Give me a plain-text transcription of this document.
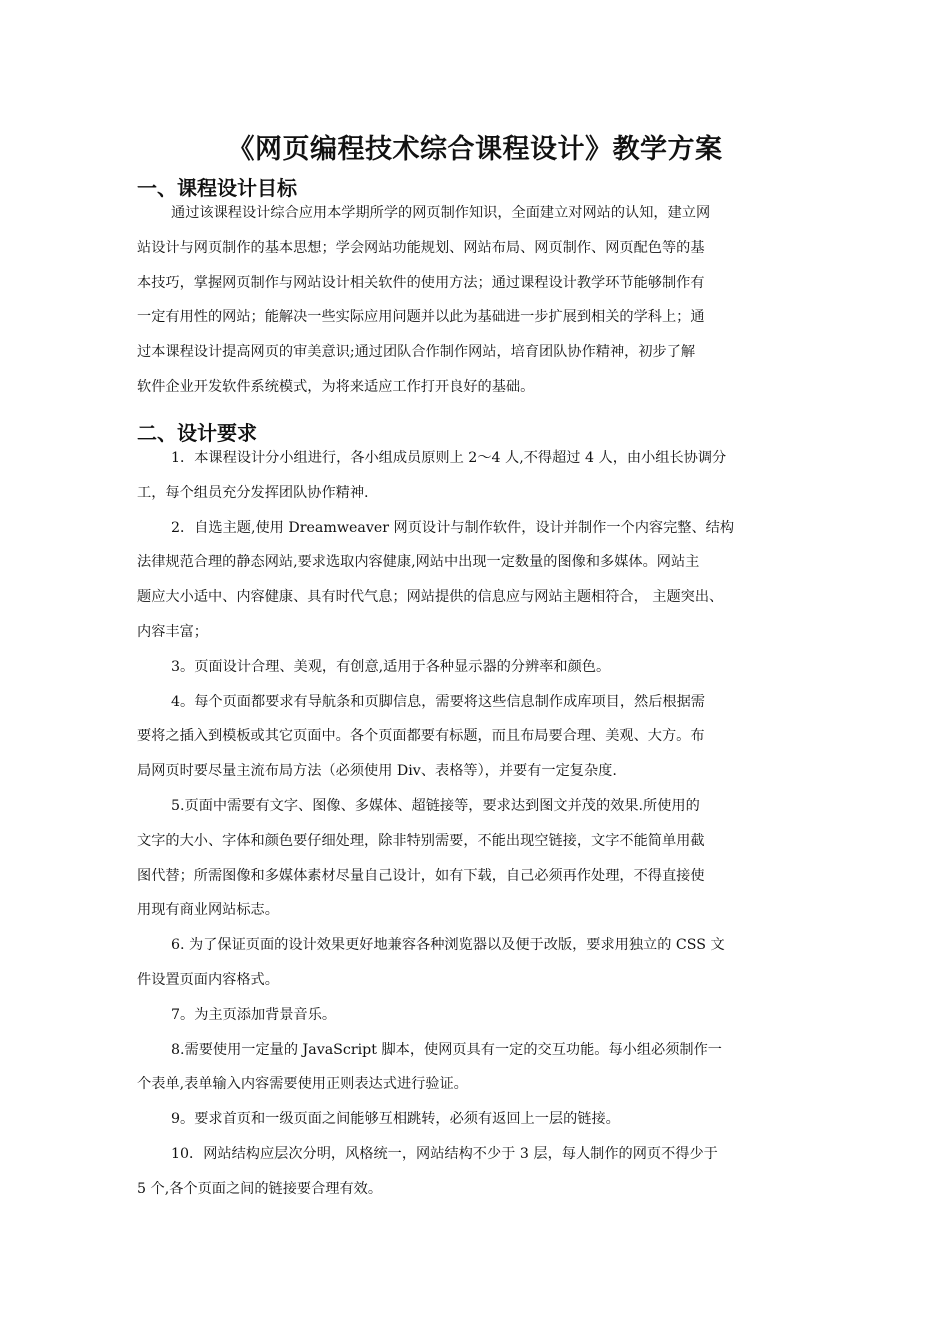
《网页编程技术综合课程设计》教学方案
一、课程设计目标
通过该课程设计综合应用本学期所学的网页制作知识，全面建立对网站的认知，建立网
站设计与网页制作的基本思想；学会网站功能规划、网站布局、网页制作、网页配色等的基
本技巧，掌握网页制作与网站设计相关软件的使用方法；通过课程设计教学环节能够制作有
一定有用性的网站；能解决一些实际应用问题并以此为基础进一步扩展到相关的学科上；通
过本课程设计提高网页的审美意识;通过团队合作制作网站，培育团队协作精神，初步了解
软件企业开发软件系统模式，为将来适应工作打开良好的基础。
二、设计要求
1．本课程设计分小组进行，各小组成员原则上 2～4 人,不得超过 4 人，由小组长协调分
工，每个组员充分发挥团队协作精神.
2．自选主题,使用 Dreamweaver 网页设计与制作软件，设计并制作一个内容完整、结构
法律规范合理的静态网站,要求选取内容健康,网站中出现一定数量的图像和多媒体。网站主
题应大小适中、内容健康、具有时代气息；网站提供的信息应与网站主题相符合， 主题突出、
内容丰富；
3。页面设计合理、美观，有创意,适用于各种显示器的分辨率和颜色。
4。每个页面都要求有导航条和页脚信息，需要将这些信息制作成库项目，然后根据需
要将之插入到模板或其它页面中。各个页面都要有标题，而且布局要合理、美观、大方。布
局网页时要尽量主流布局方法（必须使用 Div、表格等），并要有一定复杂度.
5.页面中需要有文字、图像、多媒体、超链接等，要求达到图文并茂的效果.所使用的
文字的大小、字体和颜色要仔细处理，除非特别需要，不能出现空链接，文字不能简单用截
图代替；所需图像和多媒体素材尽量自己设计，如有下载，自己必须再作处理，不得直接使
用现有商业网站标志。
6. 为了保证页面的设计效果更好地兼容各种浏览器以及便于改版，要求用独立的 CSS 文
件设置页面内容格式。
7。为主页添加背景音乐。
8.需要使用一定量的 JavaScript 脚本，使网页具有一定的交互功能。每小组必须制作一
个表单,表单输入内容需要使用正则表达式进行验证。
9。要求首页和一级页面之间能够互相跳转，必须有返回上一层的链接。
10．网站结构应层次分明，风格统一，网站结构不少于 3 层，每人制作的网页不得少于
5 个,各个页面之间的链接要合理有效。
